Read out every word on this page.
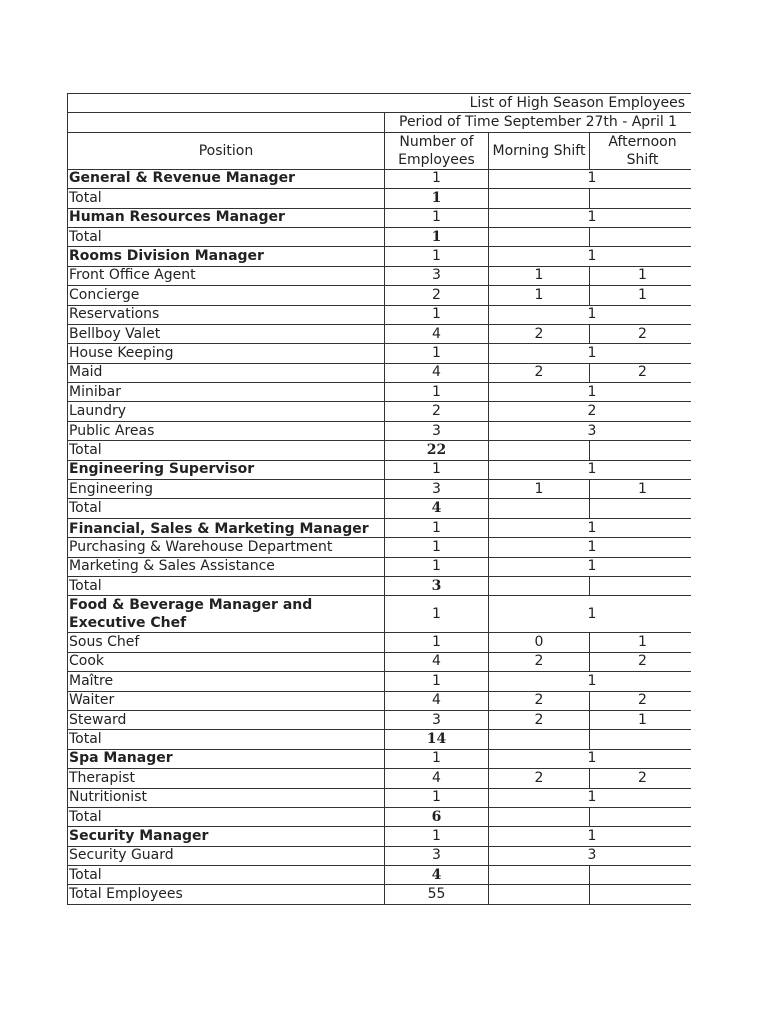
List of High Season Employees			
	Period of Time September 27th - April 1		
Position	Number of Employees	Morning Shift	Afternoon Shift
General & Revenue Manager	1	1	
Total	1		
Human Resources Manager	1	1	
Total	1		
Rooms Division Manager	1	1	
Front Office Agent	3	1	1
Concierge	2	1	1
Reservations	1	1	
Bellboy Valet	4	2	2
House Keeping	1	1	
Maid	4	2	2
Minibar	1	1	
Laundry	2	2	
Public Areas	3	3	
Total	22		
Engineering Supervisor	1	1	
Engineering	3	1	1
Total	4		

Financial, Sales & Marketing Manager	1	1	
Purchasing & Warehouse Department	1	1	
Marketing & Sales Assistance	1	1	
Total	3		
Food & Beverage Manager and Executive Chef	1	1	
Sous Chef	1	0	1
Cook	4	2	2
Maître	1	1	
Waiter	4	2	2
Steward	3	2	1
Total	14		
Spa Manager	1	1	
Therapist	4	2	2
Nutritionist	1	1	
Total	6		
Security Manager	1	1	
Security Guard	3	3	
Total	4		
Total Employees	55		
